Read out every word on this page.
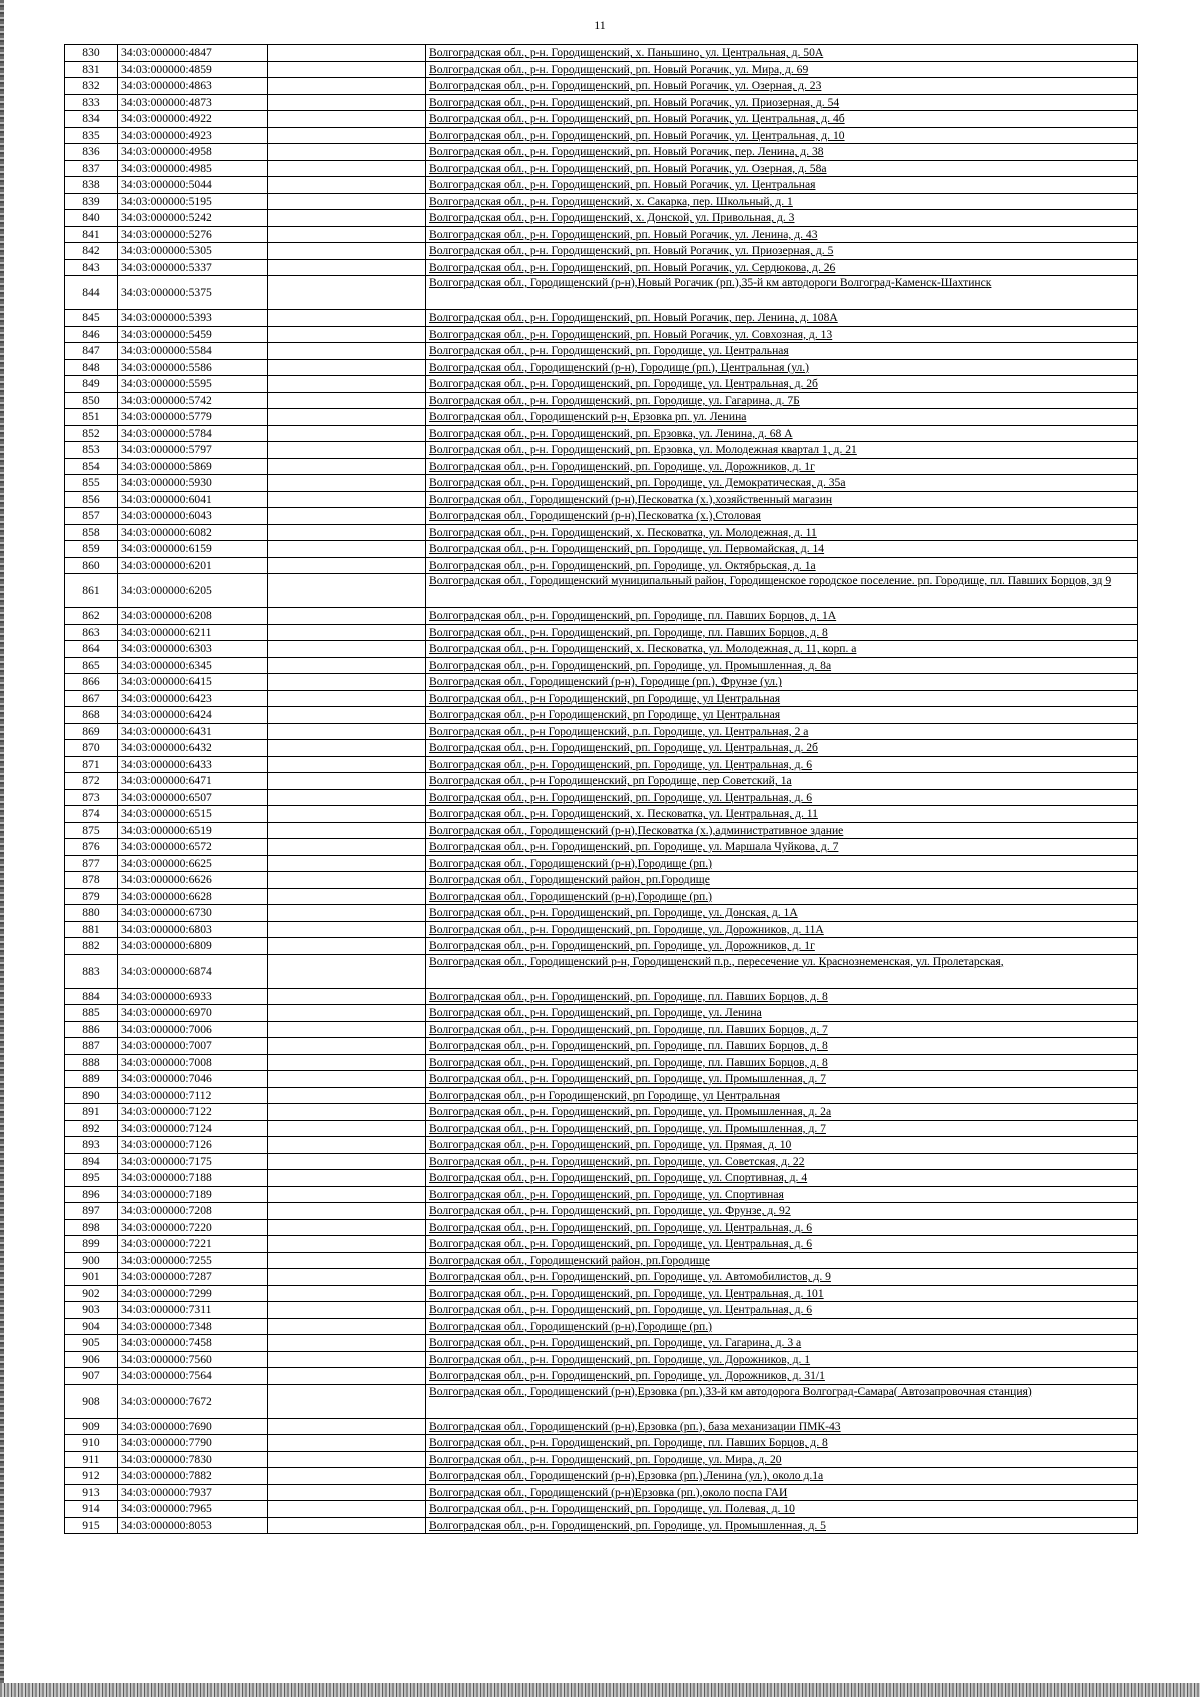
11
830	34:03:000000:4847		Волгоградская обл., р-н. Городищенский, х. Паньшино, ул. Центральная, д. 50А
831	34:03:000000:4859		Волгоградская обл., р-н. Городищенский, рп. Новый Рогачик, ул. Мира, д. 69
832	34:03:000000:4863		Волгоградская обл., р-н. Городищенский, рп. Новый Рогачик, ул. Озерная, д. 23
833	34:03:000000:4873		Волгоградская обл., р-н. Городищенский, рп. Новый Рогачик, ул. Приозерная, д. 54
834	34:03:000000:4922		Волгоградская обл., р-н. Городищенский, рп. Новый Рогачик, ул. Центральная, д. 4б
835	34:03:000000:4923		Волгоградская обл., р-н. Городищенский, рп. Новый Рогачик, ул. Центральная, д. 10
836	34:03:000000:4958		Волгоградская обл., р-н. Городищенский, рп. Новый Рогачик, пер. Ленина, д. 38
837	34:03:000000:4985		Волгоградская обл., р-н. Городищенский, рп. Новый Рогачик, ул. Озерная, д. 58а
838	34:03:000000:5044		Волгоградская обл., р-н. Городищенский, рп. Новый Рогачик, ул. Центральная
839	34:03:000000:5195		Волгоградская обл., р-н. Городищенский, х. Сакарка, пер. Школьный, д. 1
840	34:03:000000:5242		Волгоградская обл., р-н. Городищенский, х. Донской, ул. Привольная, д. 3
841	34:03:000000:5276		Волгоградская обл., р-н. Городищенский, рп. Новый Рогачик, ул. Ленина, д. 43
842	34:03:000000:5305		Волгоградская обл., р-н. Городищенский, рп. Новый Рогачик, ул. Приозерная, д. 5
843	34:03:000000:5337		Волгоградская обл., р-н. Городищенский, рп. Новый Рогачик, ул. Сердюкова, д. 26
844	34:03:000000:5375		Волгоградская обл., Городищенский (р-н),Новый Рогачик (рп.),35-й км автодороги Волгоград-Каменск-Шахтинск
845	34:03:000000:5393		Волгоградская обл., р-н. Городищенский, рп. Новый Рогачик, пер. Ленина, д. 108А
846	34:03:000000:5459		Волгоградская обл., р-н. Городищенский, рп. Новый Рогачик, ул. Совхозная, д. 13
847	34:03:000000:5584		Волгоградская обл., р-н. Городищенский, рп. Городище, ул. Центральная
848	34:03:000000:5586		Волгоградская обл., Городищенский (р-н), Городище (рп.), Центральная (ул.)
849	34:03:000000:5595		Волгоградская обл., р-н. Городищенский, рп. Городище, ул. Центральная, д. 2б
850	34:03:000000:5742		Волгоградская обл., р-н. Городищенский, рп. Городище, ул. Гагарина, д. 7Б
851	34:03:000000:5779		Волгоградская обл., Городищенский р-н, Ерзовка рп. ул. Ленина
852	34:03:000000:5784		Волгоградская обл., р-н. Городищенский, рп. Ерзовка, ул. Ленина, д. 68 А
853	34:03:000000:5797		Волгоградская обл., р-н. Городищенский, рп. Ерзовка, ул. Молодежная квартал 1, д. 21
854	34:03:000000:5869		Волгоградская обл., р-н. Городищенский, рп. Городище, ул. Дорожников, д. 1г
855	34:03:000000:5930		Волгоградская обл., р-н. Городищенский, рп. Городище, ул. Демократическая, д. 35а
856	34:03:000000:6041		Волгоградская обл., Городищенский (р-н),Песковатка (х.),хозяйственный магазин
857	34:03:000000:6043		Волгоградская обл., Городищенский (р-н),Песковатка (х.),Столовая
858	34:03:000000:6082		Волгоградская обл., р-н. Городищенский, х. Песковатка, ул. Молодежная, д. 11
859	34:03:000000:6159		Волгоградская обл., р-н. Городищенский, рп. Городище, ул. Первомайская, д. 14
860	34:03:000000:6201		Волгоградская обл., р-н. Городищенский, рп. Городище, ул. Октябрьская, д. 1а
861	34:03:000000:6205		Волгоградская обл., Городищенский муниципальный район, Городищенское городское поселение. рп. Городище, пл. Павших Борцов, зд 9
862	34:03:000000:6208		Волгоградская обл., р-н. Городищенский, рп. Городище, пл. Павших Борцов, д. 1А
863	34:03:000000:6211		Волгоградская обл., р-н. Городищенский, рп. Городище, пл. Павших Борцов, д. 8
864	34:03:000000:6303		Волгоградская обл., р-н. Городищенский, х. Песковатка, ул. Молодежная, д. 11, корп. а
865	34:03:000000:6345		Волгоградская обл., р-н. Городищенский, рп. Городище, ул. Промышленная, д. 8а
866	34:03:000000:6415		Волгоградская обл., Городищенский (р-н), Городище (рп.), Фрунзе (ул.)
867	34:03:000000:6423		Волгоградская обл., р-н Городищенский, рп Городище, ул Центральная
868	34:03:000000:6424		Волгоградская обл., р-н Городищенский, рп Городище, ул Центральная
869	34:03:000000:6431		Волгоградская обл., р-н Городищенский, р.п. Городище, ул. Центральная, 2 а
870	34:03:000000:6432		Волгоградская обл., р-н. Городищенский, рп. Городище, ул. Центральная, д. 2б
871	34:03:000000:6433		Волгоградская обл., р-н. Городищенский, рп. Городище, ул. Центральная, д. 6
872	34:03:000000:6471		Волгоградская обл., р-н Городищенский, рп Городище, пер Советский, 1а
873	34:03:000000:6507		Волгоградская обл., р-н. Городищенский, рп. Городище, ул. Центральная, д. 6
874	34:03:000000:6515		Волгоградская обл., р-н. Городищенский, х. Песковатка, ул. Центральная, д. 11
875	34:03:000000:6519		Волгоградская обл., Городищенский (р-н),Песковатка (х.),административное здание
876	34:03:000000:6572		Волгоградская обл., р-н. Городищенский, рп. Городище, ул. Маршала Чуйкова, д. 7
877	34:03:000000:6625		Волгоградская обл., Городищенский (р-н),Городище (рп.)
878	34:03:000000:6626		Волгоградская обл., Городищенский район, рп.Городище
879	34:03:000000:6628		Волгоградская обл., Городищенский (р-н),Городище (рп.)
880	34:03:000000:6730		Волгоградская обл., р-н. Городищенский, рп. Городище, ул. Донская, д. 1А
881	34:03:000000:6803		Волгоградская обл., р-н. Городищенский, рп. Городище, ул. Дорожников, д. 11А
882	34:03:000000:6809		Волгоградская обл., р-н. Городищенский, рп. Городище, ул. Дорожников, д. 1г
883	34:03:000000:6874		Волгоградская обл., Городищенский р-н, Городищенский п.р., пересечение ул. Краснознеменская, ул. Пролетарская,
884	34:03:000000:6933		Волгоградская обл., р-н. Городищенский, рп. Городище, пл. Павших Борцов, д. 8
885	34:03:000000:6970		Волгоградская обл., р-н. Городищенский, рп. Городище, ул. Ленина
886	34:03:000000:7006		Волгоградская обл., р-н. Городищенский, рп. Городище, пл. Павших Борцов, д. 7
887	34:03:000000:7007		Волгоградская обл., р-н. Городищенский, рп. Городище, пл. Павших Борцов, д. 8
888	34:03:000000:7008		Волгоградская обл., р-н. Городищенский, рп. Городище, пл. Павших Борцов, д. 8
889	34:03:000000:7046		Волгоградская обл., р-н. Городищенский, рп. Городище, ул. Промышленная, д. 7
890	34:03:000000:7112		Волгоградская обл., р-н Городищенский, рп Городище, ул Центральная
891	34:03:000000:7122		Волгоградская обл., р-н. Городищенский, рп. Городище, ул. Промышленная, д. 2а
892	34:03:000000:7124		Волгоградская обл., р-н. Городищенский, рп. Городище, ул. Промышленная, д. 7
893	34:03:000000:7126		Волгоградская обл., р-н. Городищенский, рп. Городище, ул. Прямая, д. 10
894	34:03:000000:7175		Волгоградская обл., р-н. Городищенский, рп. Городище, ул. Советская, д. 22
895	34:03:000000:7188		Волгоградская обл., р-н. Городищенский, рп. Городище, ул. Спортивная, д. 4
896	34:03:000000:7189		Волгоградская обл., р-н. Городищенский, рп. Городище, ул. Спортивная
897	34:03:000000:7208		Волгоградская обл., р-н. Городищенский, рп. Городище, ул. Фрунзе, д. 92
898	34:03:000000:7220		Волгоградская обл., р-н. Городищенский, рп. Городище, ул. Центральная, д. 6
899	34:03:000000:7221		Волгоградская обл., р-н. Городищенский, рп. Городище, ул. Центральная, д. 6
900	34:03:000000:7255		Волгоградская обл., Городищенский район, рп.Городище
901	34:03:000000:7287		Волгоградская обл., р-н. Городищенский, рп. Городище, ул. Автомобилистов, д. 9
902	34:03:000000:7299		Волгоградская обл., р-н. Городищенский, рп. Городище, ул. Центральная, д. 101
903	34:03:000000:7311		Волгоградская обл., р-н. Городищенский, рп. Городище, ул. Центральная, д. 6
904	34:03:000000:7348		Волгоградская обл., Городищенский (р-н),Городище (рп.)
905	34:03:000000:7458		Волгоградская обл., р-н. Городищенский, рп. Городище, ул. Гагарина, д. 3 а
906	34:03:000000:7560		Волгоградская обл., р-н. Городищенский, рп. Городище, ул. Дорожников, д. 1
907	34:03:000000:7564		Волгоградская обл., р-н. Городищенский, рп. Городище, ул. Дорожников, д. 31/1
908	34:03:000000:7672		Волгоградская обл., Городищенский (р-н),Ерзовка (рп.),33-й км автодорога Волгоград-Самара( Автозапровочная станция)
909	34:03:000000:7690		Волгоградская обл., Городищенский (р-н),Ерзовка (рп.), база механизации ПМК-43
910	34:03:000000:7790		Волгоградская обл., р-н. Городищенский, рп. Городище, пл. Павших Борцов, д. 8
911	34:03:000000:7830		Волгоградская обл., р-н. Городищенский, рп. Городище, ул. Мира, д. 20
912	34:03:000000:7882		Волгоградская обл., Городищенский (р-н),Ерзовка (рп.),Ленина (ул.), около д.1а
913	34:03:000000:7937		Волгоградская обл., Городищенский (р-н)Ерзовка (рп.),около поспа ГАИ
914	34:03:000000:7965		Волгоградская обл., р-н. Городищенский, рп. Городище, ул. Полевая, д. 10
915	34:03:000000:8053		Волгоградская обл., р-н. Городищенский, рп. Городище, ул. Промышленная, д. 5
